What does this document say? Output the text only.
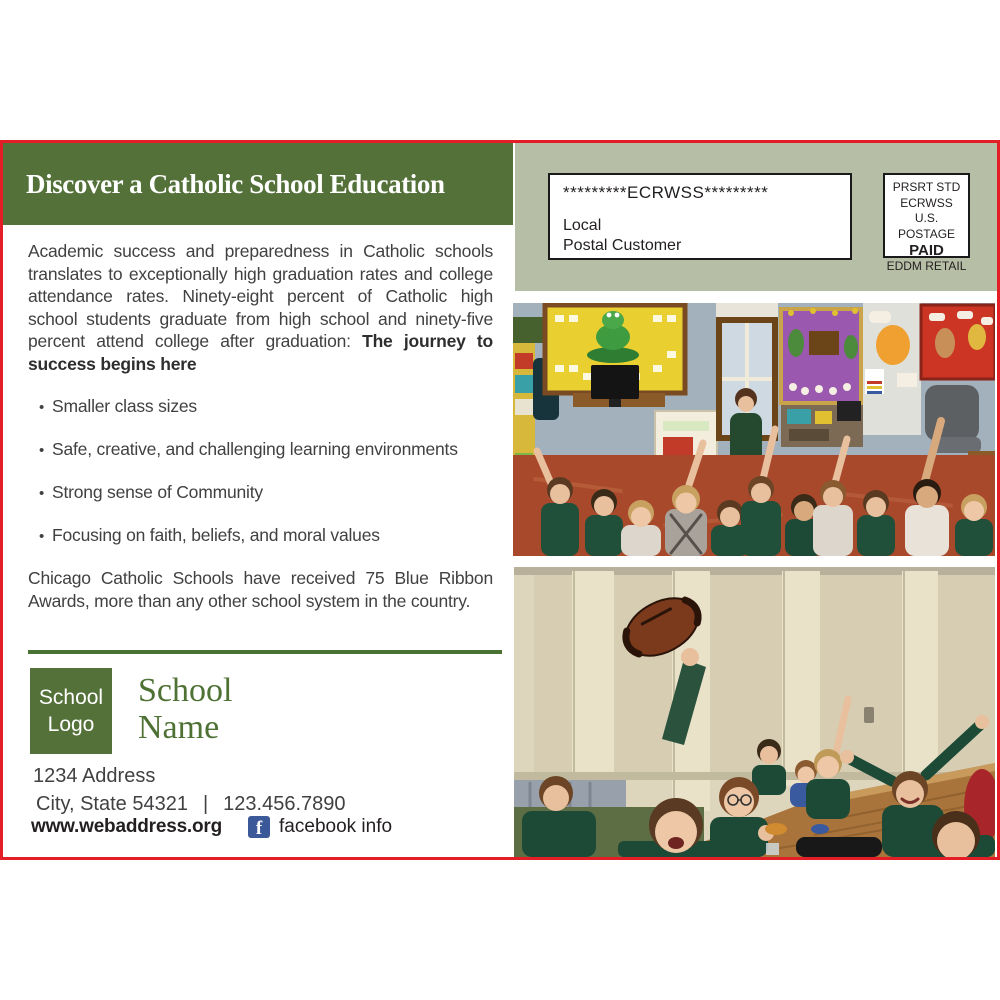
Discover a Catholic School Education	*********ECRWSS*********
Local
Postal Customer
PRSRT STD
ECRWSS
U.S. POSTAGE
PAID
EDDM RETAIL

Academic success and preparedness in Catholic schools translates to exceptionally high graduation rates and college attendance rates. Ninety-eight percent of Catholic high school students graduate from high school and ninety-five percent attend college after graduation: The journey to success begins here

• Smaller class sizes
• Safe, creative, and challenging learning environments
• Strong sense of Community
• Focusing on faith, beliefs, and moral values

Chicago Catholic Schools have received 75 Blue Ribbon Awards, more than any other school system in the country.

School
Logo
School
Name
1234 Address
City, State 54321 | 123.456.7890
www.webaddress.org f facebook info
